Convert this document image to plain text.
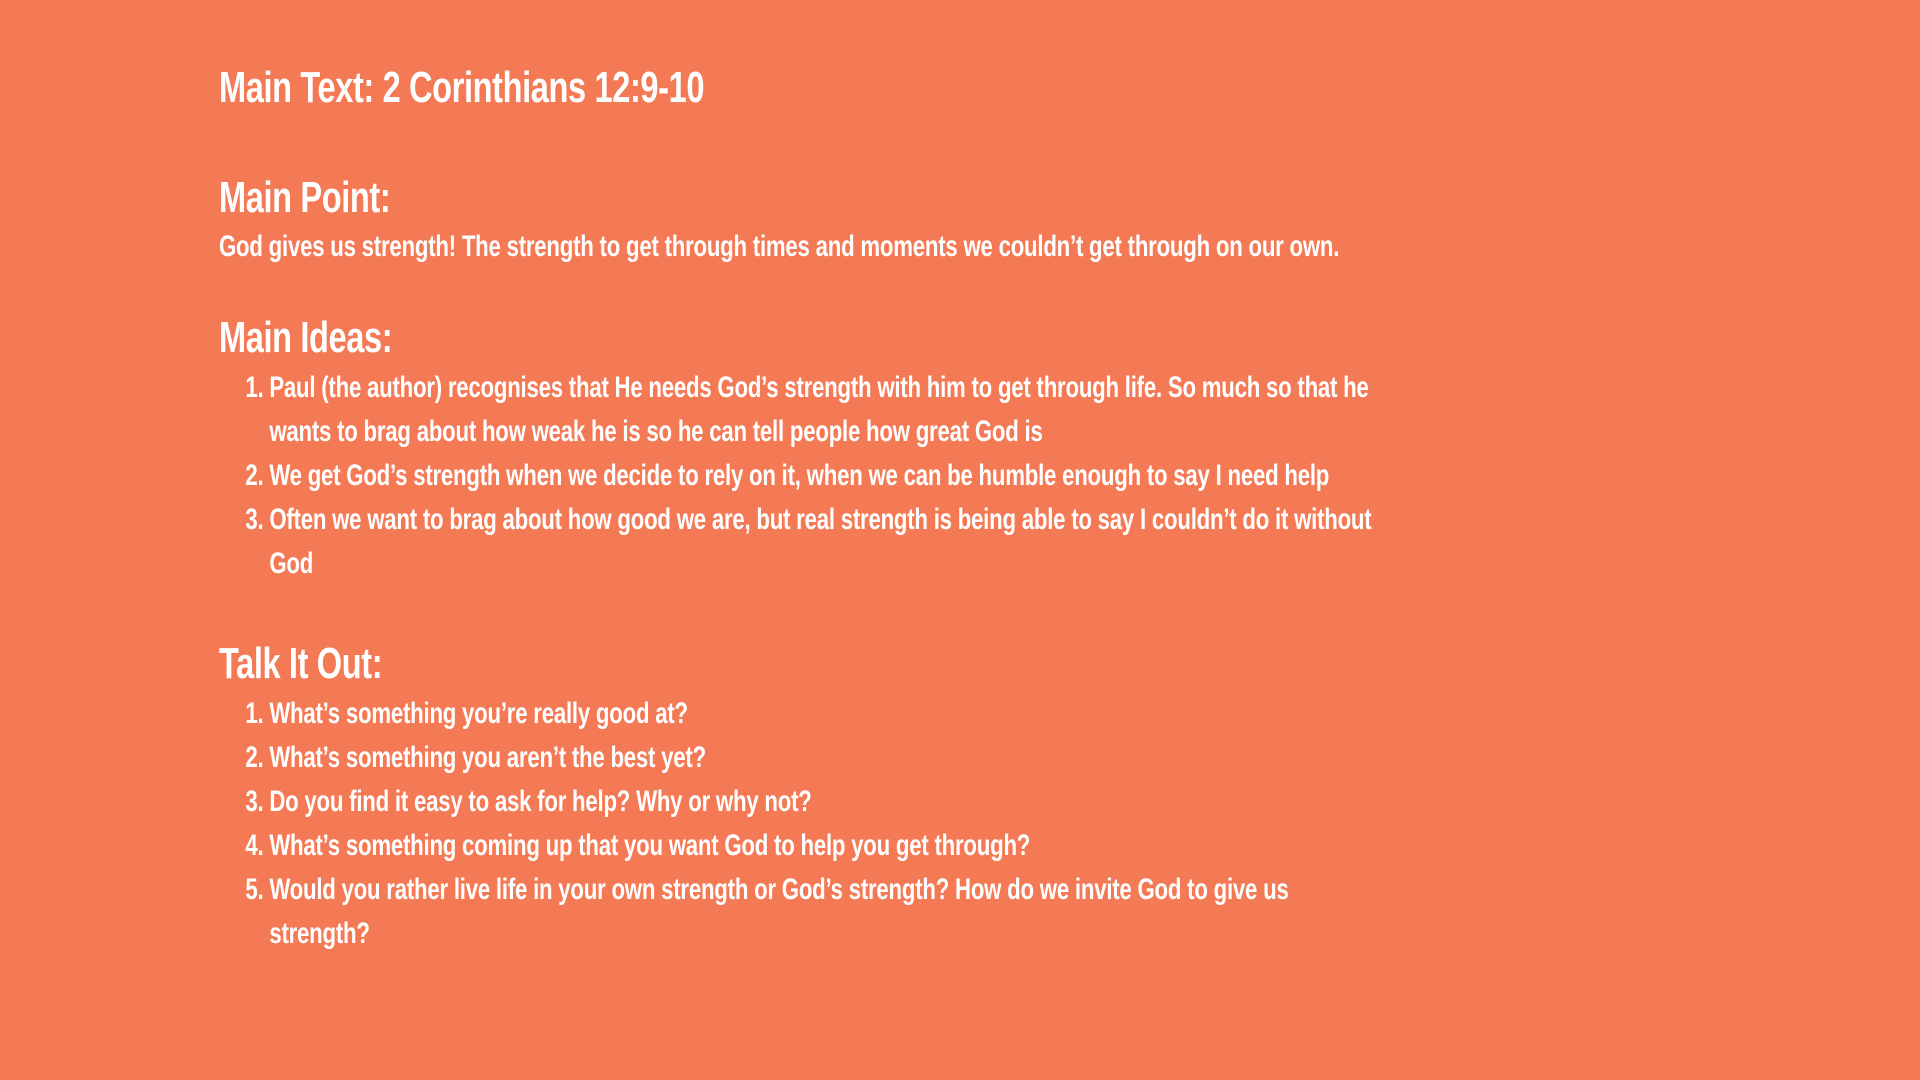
Main Text: 2 Corinthians 12:9-10
Main Point:

God gives us strength! The strength to get through times and moments we couldn’t get through on our own.

Main Ideas:
1. Paul (the author) recognises that He needs God’s strength with him to get through life. So much so that he wants to brag about how weak he is so he can tell people how great God is
2. We get God’s strength when we decide to rely on it, when we can be humble enough to say I need help
3. Often we want to brag about how good we are, but real strength is being able to say I couldn’t do it without God
Talk It Out:
1. What’s something you’re really good at?
2. What’s something you aren’t the best yet?
3. Do you find it easy to ask for help? Why or why not?
4. What’s something coming up that you want God to help you get through?
5. Would you rather live life in your own strength or God’s strength? How do we invite God to give us strength?
